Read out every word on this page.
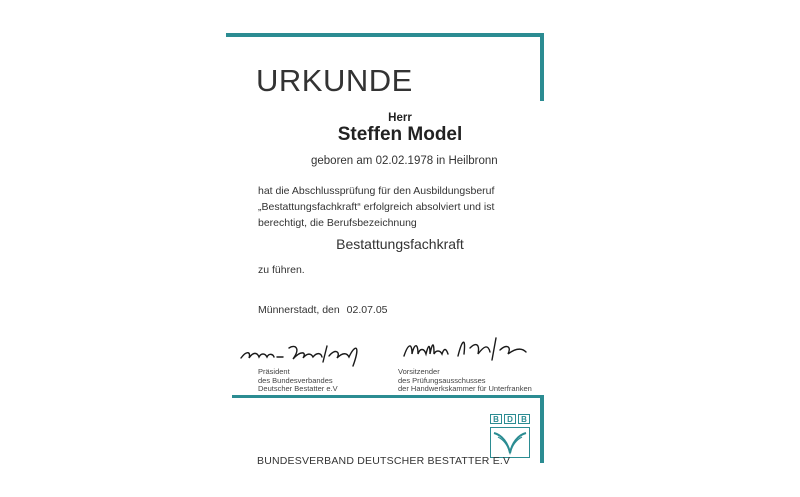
URKUNDE
Herr
Steffen Model
geboren am 02.02.1978 in Heilbronn
hat die Abschlussprüfung für den Ausbildungsberuf
„Bestattungsfachkraft“ erfolgreich absolviert und ist
berechtigt, die Berufsbezeichnung
Bestattungsfachkraft
zu führen.
Münnerstadt, den 02.07.05
Präsident
des Bundesverbandes
Deutscher Bestatter e.V
Vorsitzender
des Prüfungsausschusses
der Handwerkskammer für Unterfranken
B	D	B
BUNDESVERBAND DEUTSCHER BESTATTER E.V
